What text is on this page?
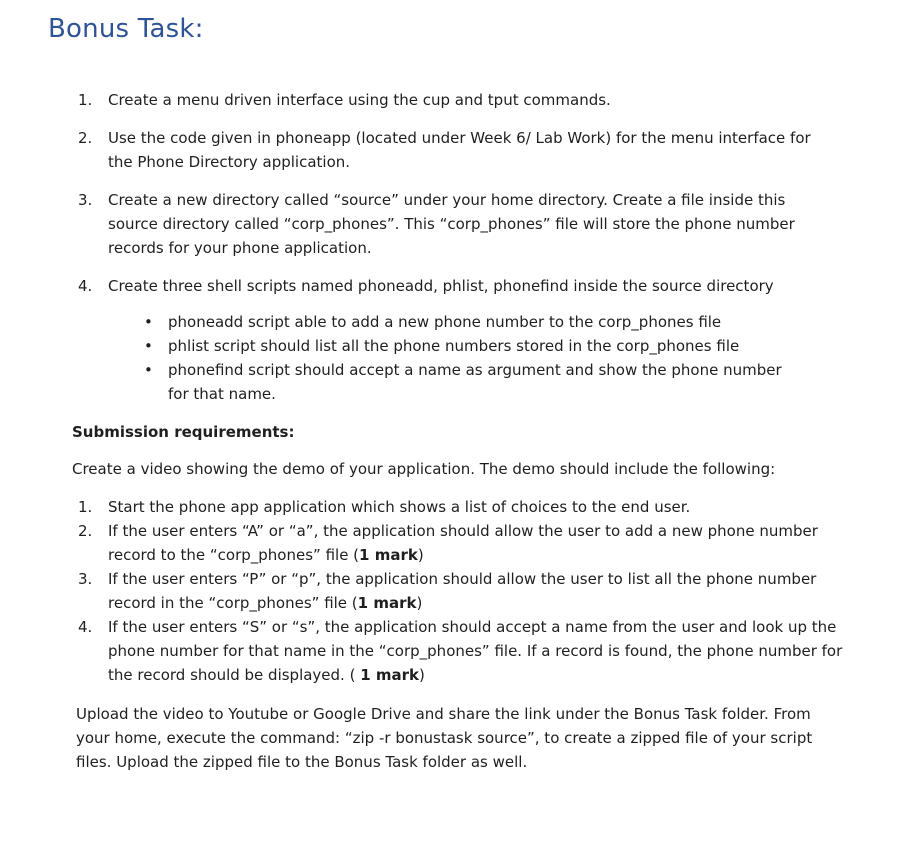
Bonus Task:
1. Create a menu driven interface using the cup and tput commands.
2. Use the code given in phoneapp (located under Week 6/ Lab Work) for the menu interface for the Phone Directory application.
3. Create a new directory called “source” under your home directory. Create a file inside this source directory called “corp_phones”. This “corp_phones” file will store the phone number records for your phone application.
4. Create three shell scripts named phoneadd, phlist, phonefind inside the source directory
• phoneadd script able to add a new phone number to the corp_phones file
• phlist script should list all the phone numbers stored in the corp_phones file
• phonefind script should accept a name as argument and show the phone number for that name.

Submission requirements:

Create a video showing the demo of your application. The demo should include the following:

1. Start the phone app application which shows a list of choices to the end user.
2. If the user enters “A” or “a”, the application should allow the user to add a new phone number record to the “corp_phones” file (1 mark)
3. If the user enters “P” or “p”, the application should allow the user to list all the phone number record in the “corp_phones” file (1 mark)
4. If the user enters “S” or “s”, the application should accept a name from the user and look up the phone number for that name in the “corp_phones” file. If a record is found, the phone number for the record should be displayed. ( 1 mark)

Upload the video to Youtube or Google Drive and share the link under the Bonus Task folder. From your home, execute the command: “zip -r bonustask source”, to create a zipped file of your script files. Upload the zipped file to the Bonus Task folder as well.
